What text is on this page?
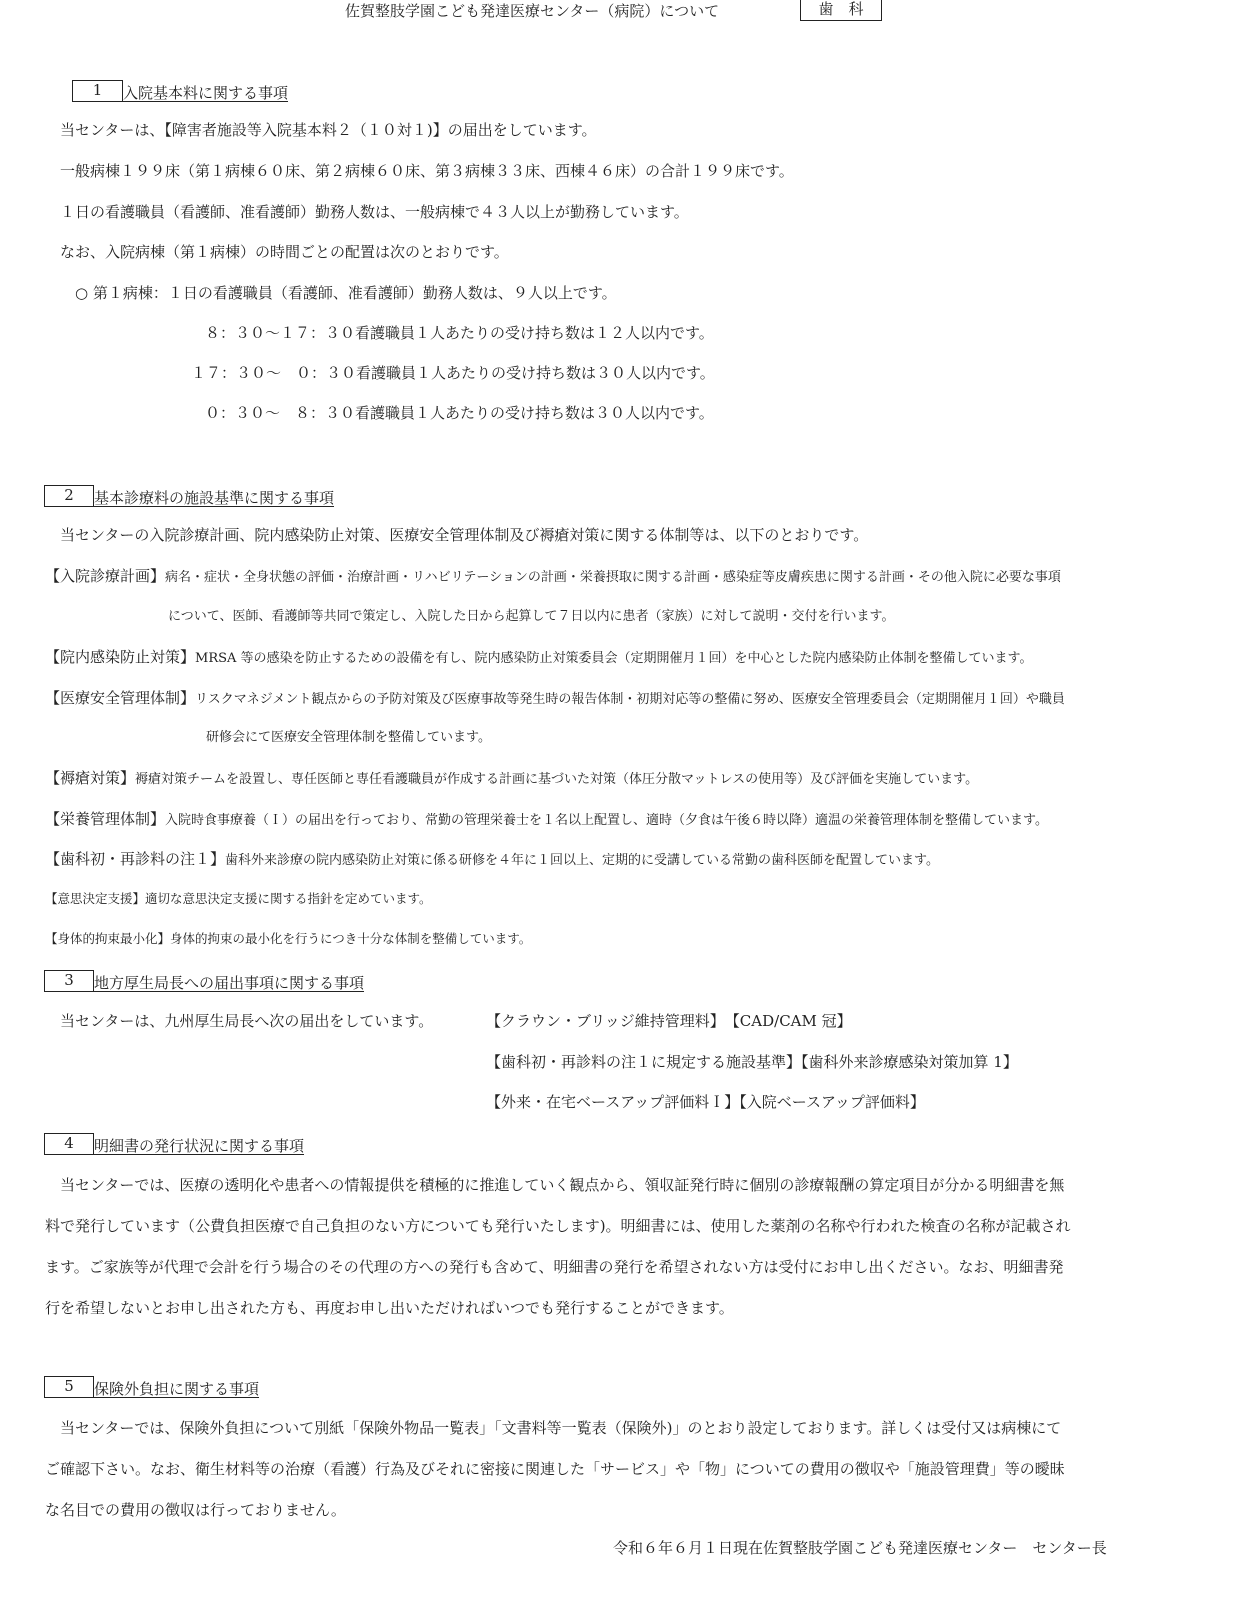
佐賀整肢学園こども発達医療センター（病院）について	歯　科
1	入院基本料に関する事項
当センターは、【障害者施設等入院基本料２（１０対１)】の届出をしています。
一般病棟１９９床（第１病棟６０床、第２病棟６０床、第３病棟３３床、西棟４６床）の合計１９９床です。
１日の看護職員（看護師、准看護師）勤務人数は、一般病棟で４３人以上が勤務しています。
なお、入院病棟（第１病棟）の時間ごとの配置は次のとおりです。
○ 第１病棟：１日の看護職員（看護師、准看護師）勤務人数は、９人以上です。
８：３０〜１７：３０看護職員１人あたりの受け持ち数は１２人以内です。
１７：３０〜　０：３０看護職員１人あたりの受け持ち数は３０人以内です。
０：３０〜　８：３０看護職員１人あたりの受け持ち数は３０人以内です。
2	基本診療料の施設基準に関する事項
当センターの入院診療計画、院内感染防止対策、医療安全管理体制及び褥瘡対策に関する体制等は、以下のとおりです。
【入院診療計画】病名・症状・全身状態の評価・治療計画・リハビリテーションの計画・栄養摂取に関する計画・感染症等皮膚疾患に関する計画・その他入院に必要な事項
について、医師、看護師等共同で策定し、入院した日から起算して７日以内に患者（家族）に対して説明・交付を行います。
【院内感染防止対策】MRSA 等の感染を防止するための設備を有し、院内感染防止対策委員会（定期開催月１回）を中心とした院内感染防止体制を整備しています。
【医療安全管理体制】リスクマネジメント観点からの予防対策及び医療事故等発生時の報告体制・初期対応等の整備に努め、医療安全管理委員会（定期開催月１回）や職員
研修会にて医療安全管理体制を整備しています。
【褥瘡対策】褥瘡対策チームを設置し、専任医師と専任看護職員が作成する計画に基づいた対策（体圧分散マットレスの使用等）及び評価を実施しています。
【栄養管理体制】入院時食事療養（Ｉ）の届出を行っており、常勤の管理栄養士を１名以上配置し、適時（夕食は午後６時以降）適温の栄養管理体制を整備しています。
【歯科初・再診料の注１】歯科外来診療の院内感染防止対策に係る研修を４年に１回以上、定期的に受講している常勤の歯科医師を配置しています。
【意思決定支援】適切な意思決定支援に関する指針を定めています。
【身体的拘束最小化】身体的拘束の最小化を行うにつき十分な体制を整備しています。
3	地方厚生局長への届出事項に関する事項
当センターは、九州厚生局長へ次の届出をしています。	【クラウン・ブリッジ維持管理料】　【CAD/CAM 冠】
【歯科初・再診料の注１に規定する施設基準】【歯科外来診療感染対策加算 1】
【外来・在宅ベースアップ評価料Ｉ】【入院ベースアップ評価料】
4	明細書の発行状況に関する事項

　当センターでは、医療の透明化や患者への情報提供を積極的に推進していく観点から、領収証発行時に個別の診療報酬の算定項目が分かる明細書を無

料で発行しています（公費負担医療で自己負担のない方についても発行いたします)。明細書には、使用した薬剤の名称や行われた検査の名称が記載され

ます。ご家族等が代理で会計を行う場合のその代理の方への発行も含めて、明細書の発行を希望されない方は受付にお申し出ください。なお、明細書発

行を希望しないとお申し出された方も、再度お申し出いただければいつでも発行することができます。

5	保険外負担に関する事項

　当センターでは、保険外負担について別紙「保険外物品一覧表」「文書料等一覧表（保険外)」のとおり設定しております。詳しくは受付又は病棟にて

ご確認下さい。なお、衛生材料等の治療（看護）行為及びそれに密接に関連した「サービス」や「物」についての費用の徴収や「施設管理費」等の曖昧

な名目での費用の徴収は行っておりません。

令和６年６月１日現在佐賀整肢学園こども発達医療センター　センター長
